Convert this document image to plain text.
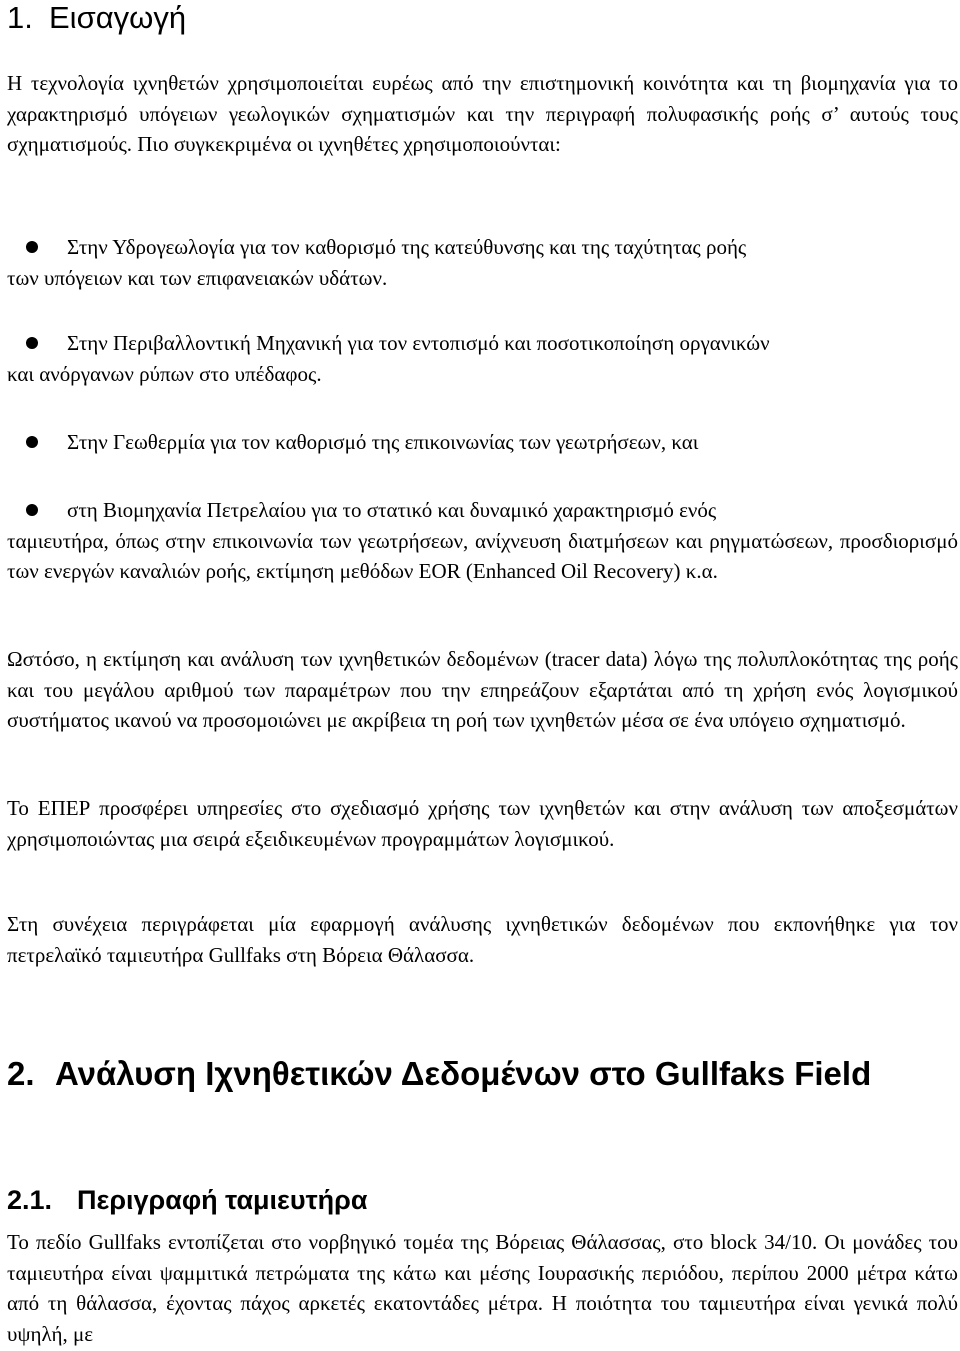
1. Εισαγωγή

Η τεχνολογία ιχνηθετών χρησιμοποιείται ευρέως από την επιστημονική κοινότητα και τη βιομηχανία για το χαρακτηρισμό υπόγειων γεωλογικών σχηματισμών και την περιγραφή πολυφασικής ροής σ’ αυτούς τους σχηματισμούς. Πιο συγκεκριμένα οι ιχνηθέτες χρησιμοποιούνται:

Στην Υδρογεωλογία για τον καθορισμό της κατεύθυνσης και της ταχύτητας ροής
των υπόγειων και των επιφανειακών υδάτων.
Στην Περιβαλλοντική Μηχανική για τον εντοπισμό και ποσοτικοποίηση οργανικών
και ανόργανων ρύπων στο υπέδαφος.
Στην Γεωθερμία για τον καθορισμό της επικοινωνίας των γεωτρήσεων, και
στη Βιομηχανία Πετρελαίου για το στατικό και δυναμικό χαρακτηρισμό ενός
ταμιευτήρα, όπως στην επικοινωνία των γεωτρήσεων, ανίχνευση διατμήσεων και ρηγματώσεων, προσδιορισμό των ενεργών καναλιών ροής, εκτίμηση μεθόδων EOR (Enhanced Oil Recovery) κ.α.

Ωστόσο, η εκτίμηση και ανάλυση των ιχνηθετικών δεδομένων (tracer data) λόγω της πολυπλοκότητας της ροής και του μεγάλου αριθμού των παραμέτρων που την επηρεάζουν εξαρτάται από τη χρήση ενός λογισμικού συστήματος ικανού να προσομοιώνει με ακρίβεια τη ροή των ιχνηθετών μέσα σε ένα υπόγειο σχηματισμό.

Το ΕΠΕΡ προσφέρει υπηρεσίες στο σχεδιασμό χρήσης των ιχνηθετών και στην ανάλυση των αποξεσμάτων χρησιμοποιώντας μια σειρά εξειδικευμένων προγραμμάτων λογισμικού.

Στη συνέχεια περιγράφεται μία εφαρμογή ανάλυσης ιχνηθετικών δεδομένων που εκπονήθηκε για τον πετρελαϊκό ταμιευτήρα Gullfaks στη Βόρεια Θάλασσα.

2. Ανάλυση Ιχνηθετικών Δεδομένων στο Gullfaks Field
2.1. Περιγραφή ταμιευτήρα

Το πεδίο Gullfaks εντοπίζεται στο νορβηγικό τομέα της Βόρειας Θάλασσας, στο block 34/10. Οι μονάδες του ταμιευτήρα είναι ψαμμιτικά πετρώματα της κάτω και μέσης Ιουρασικής περιόδου, περίπου 2000 μέτρα κάτω από τη θάλασσα, έχοντας πάχος αρκετές εκατοντάδες μέτρα. Η ποιότητα του ταμιευτήρα είναι γενικά πολύ υψηλή, με
